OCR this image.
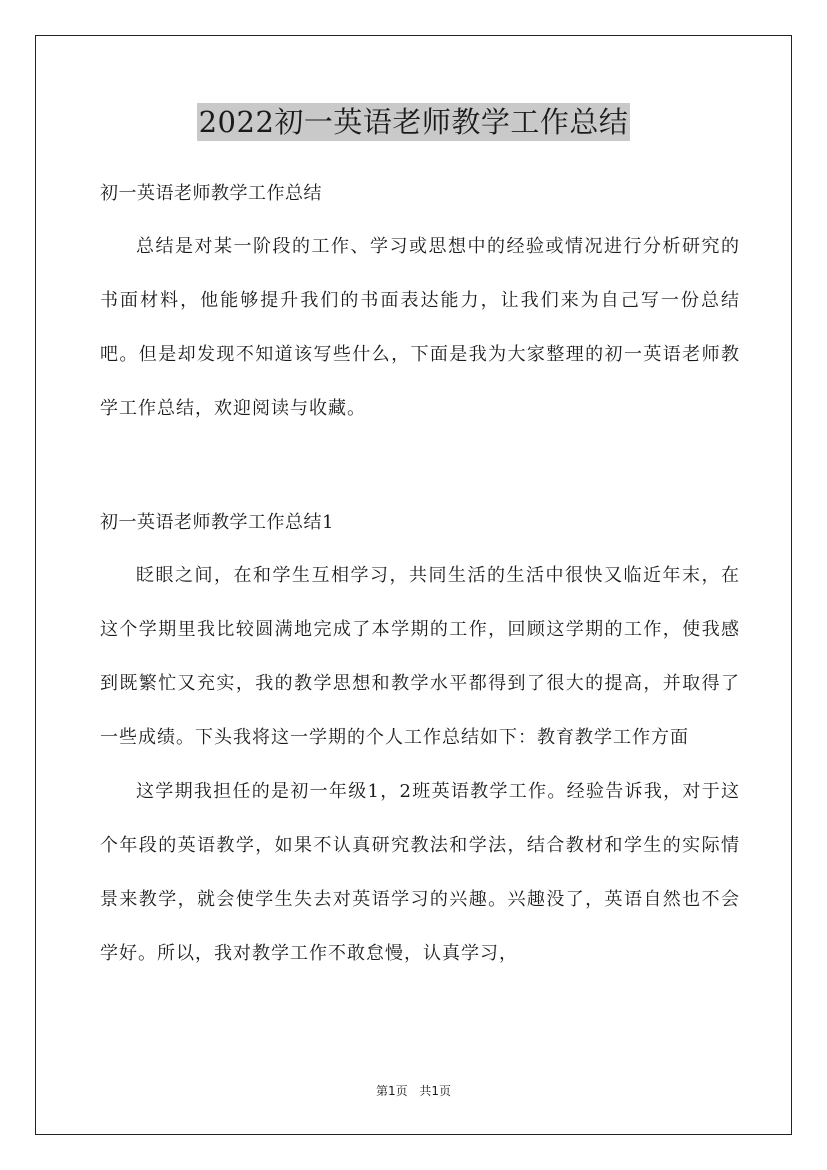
2022初一英语老师教学工作总结

初一英语老师教学工作总结

总结是对某一阶段的工作、学习或思想中的经验或情况进行分析研究的书面材料，他能够提升我们的书面表达能力，让我们来为自己写一份总结吧。但是却发现不知道该写些什么，下面是我为大家整理的初一英语老师教学工作总结，欢迎阅读与收藏。

初一英语老师教学工作总结1

眨眼之间，在和学生互相学习，共同生活的生活中很快又临近年末，在这个学期里我比较圆满地完成了本学期的工作，回顾这学期的工作，使我感到既繁忙又充实，我的教学思想和教学水平都得到了很大的提高，并取得了一些成绩。下头我将这一学期的个人工作总结如下：教育教学工作方面

这学期我担任的是初一年级1，2班英语教学工作。经验告诉我，对于这个年段的英语教学，如果不认真研究教法和学法，结合教材和学生的实际情景来教学，就会使学生失去对英语学习的兴趣。兴趣没了，英语自然也不会学好。所以，我对教学工作不敢怠慢，认真学习，

第1页 共1页
